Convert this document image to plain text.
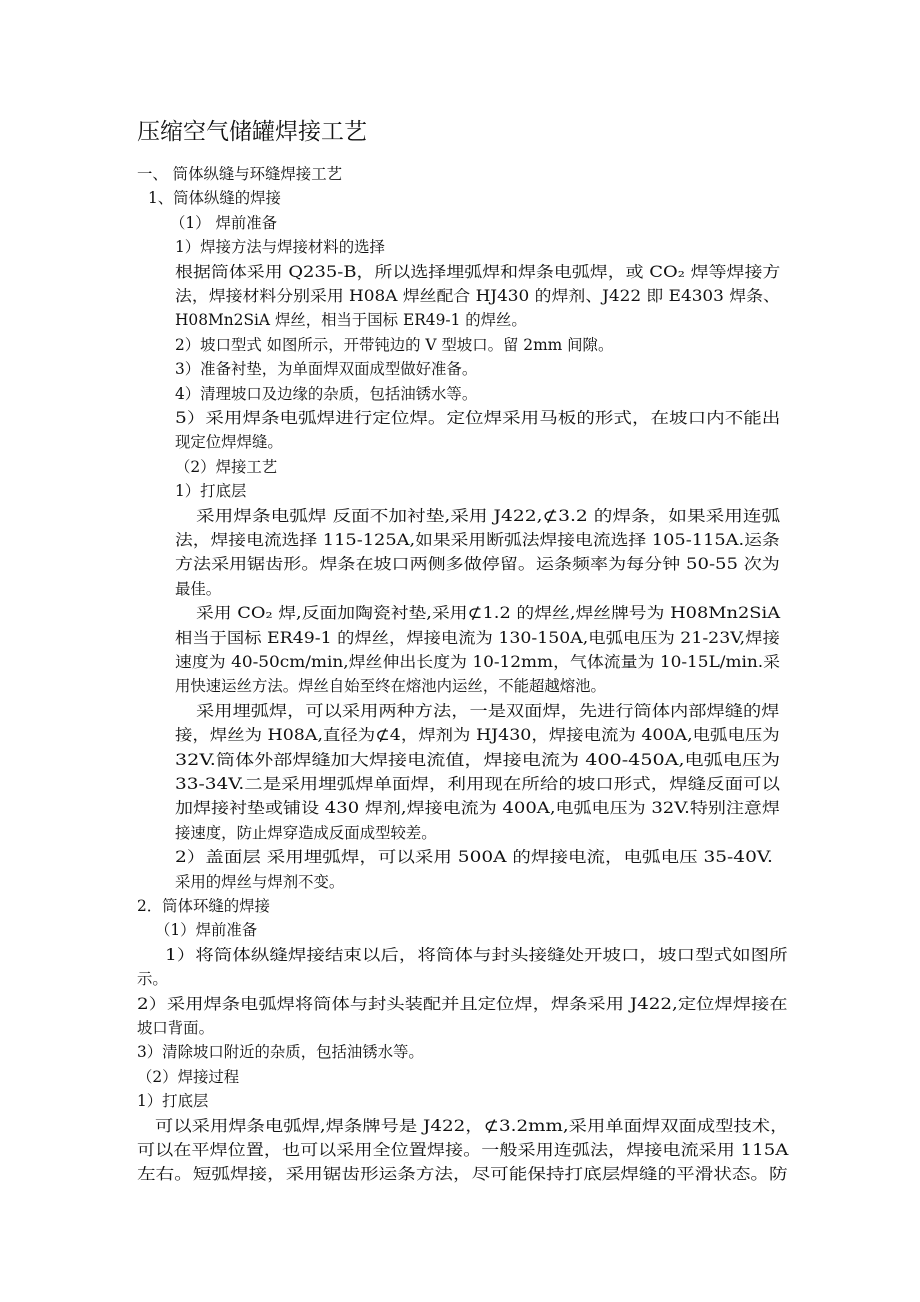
压缩空气储罐焊接工艺
一、 筒体纵缝与环缝焊接工艺
1、筒体纵缝的焊接
（1） 焊前准备
1）焊接方法与焊接材料的选择
根据筒体采用 Q235-B，所以选择埋弧焊和焊条电弧焊，或 CO₂ 焊等焊接方
法，焊接材料分别采用 H08A 焊丝配合 HJ430 的焊剂、J422 即 E4303 焊条、
H08Mn2SiA 焊丝，相当于国标 ER49-1 的焊丝。
2）坡口型式 如图所示，开带钝边的 V 型坡口。留 2mm 间隙。
3）准备衬垫，为单面焊双面成型做好准备。
4）清理坡口及边缘的杂质，包括油锈水等。
5）采用焊条电弧焊进行定位焊。定位焊采用马板的形式，在坡口内不能出
现定位焊焊缝。
（2）焊接工艺
1）打底层
采用焊条电弧焊 反面不加衬垫,采用 J422,⊄3.2 的焊条，如果采用连弧
法，焊接电流选择 115-125A,如果采用断弧法焊接电流选择 105-115A.运条
方法采用锯齿形。焊条在坡口两侧多做停留。运条频率为每分钟 50-55 次为
最佳。
采用 CO₂ 焊,反面加陶瓷衬垫,采用⊄1.2 的焊丝,焊丝牌号为 H08Mn2SiA
相当于国标 ER49-1 的焊丝，焊接电流为 130-150A,电弧电压为 21-23V,焊接
速度为 40-50cm/min,焊丝伸出长度为 10-12mm，气体流量为 10-15L/min.采
用快速运丝方法。焊丝自始至终在熔池内运丝，不能超越熔池。
采用埋弧焊，可以采用两种方法，一是双面焊，先进行筒体内部焊缝的焊
接，焊丝为 H08A,直径为⊄4，焊剂为 HJ430，焊接电流为 400A,电弧电压为
32V.筒体外部焊缝加大焊接电流值，焊接电流为 400-450A,电弧电压为
33-34V.二是采用埋弧焊单面焊，利用现在所给的坡口形式，焊缝反面可以
加焊接衬垫或铺设 430 焊剂,焊接电流为 400A,电弧电压为 32V.特别注意焊
接速度，防止焊穿造成反面成型较差。
2）盖面层 采用埋弧焊，可以采用 500A 的焊接电流，电弧电压 35-40V.
采用的焊丝与焊剂不变。
2．筒体环缝的焊接
（1）焊前准备
1）将筒体纵缝焊接结束以后，将筒体与封头接缝处开坡口，坡口型式如图所
示。
2）采用焊条电弧焊将筒体与封头装配并且定位焊，焊条采用 J422,定位焊焊接在
坡口背面。
3）清除坡口附近的杂质，包括油锈水等。
（2）焊接过程
1）打底层
可以采用焊条电弧焊,焊条牌号是 J422，⊄3.2mm,采用单面焊双面成型技术，
可以在平焊位置，也可以采用全位置焊接。一般采用连弧法，焊接电流采用 115A
左右。短弧焊接，采用锯齿形运条方法，尽可能保持打底层焊缝的平滑状态。防
